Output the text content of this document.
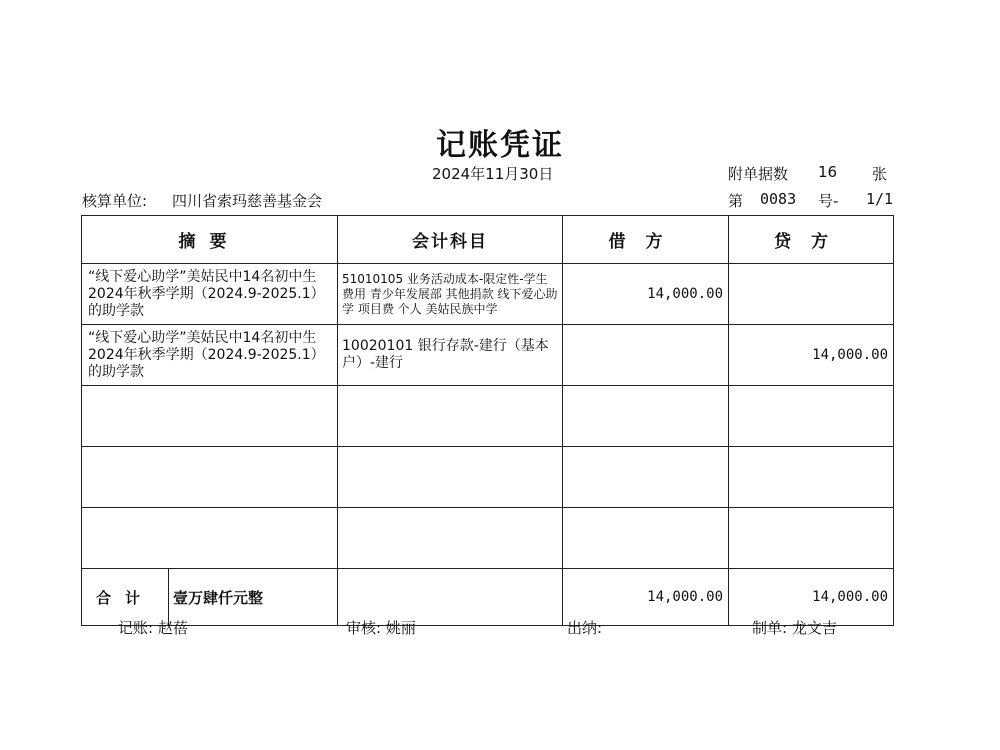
记账凭证
2024年11月30日	附单据数 16 张
核算单位: 四川省索玛慈善基金会	第 0083 号- 1/1
摘要	会计科目	借方	贷方
“线下爱心助学”美姑民中14名初中生2024年秋季学期（2024.9-2025.1）的助学款	51010105 业务活动成本-限定性-学生费用 青少年发展部 其他捐款 线下爱心助学 项目费 个人 美姑民族中学	14,000.00	
“线下爱心助学”美姑民中14名初中生2024年秋季学期（2024.9-2025.1）的助学款	10020101 银行存款-建行（基本户）-建行		14,000.00

合计 壹万肆仟元整		14,000.00	14,000.00
记账: 赵蓓	审核: 姚丽	出纳:	制单: 龙文吉
